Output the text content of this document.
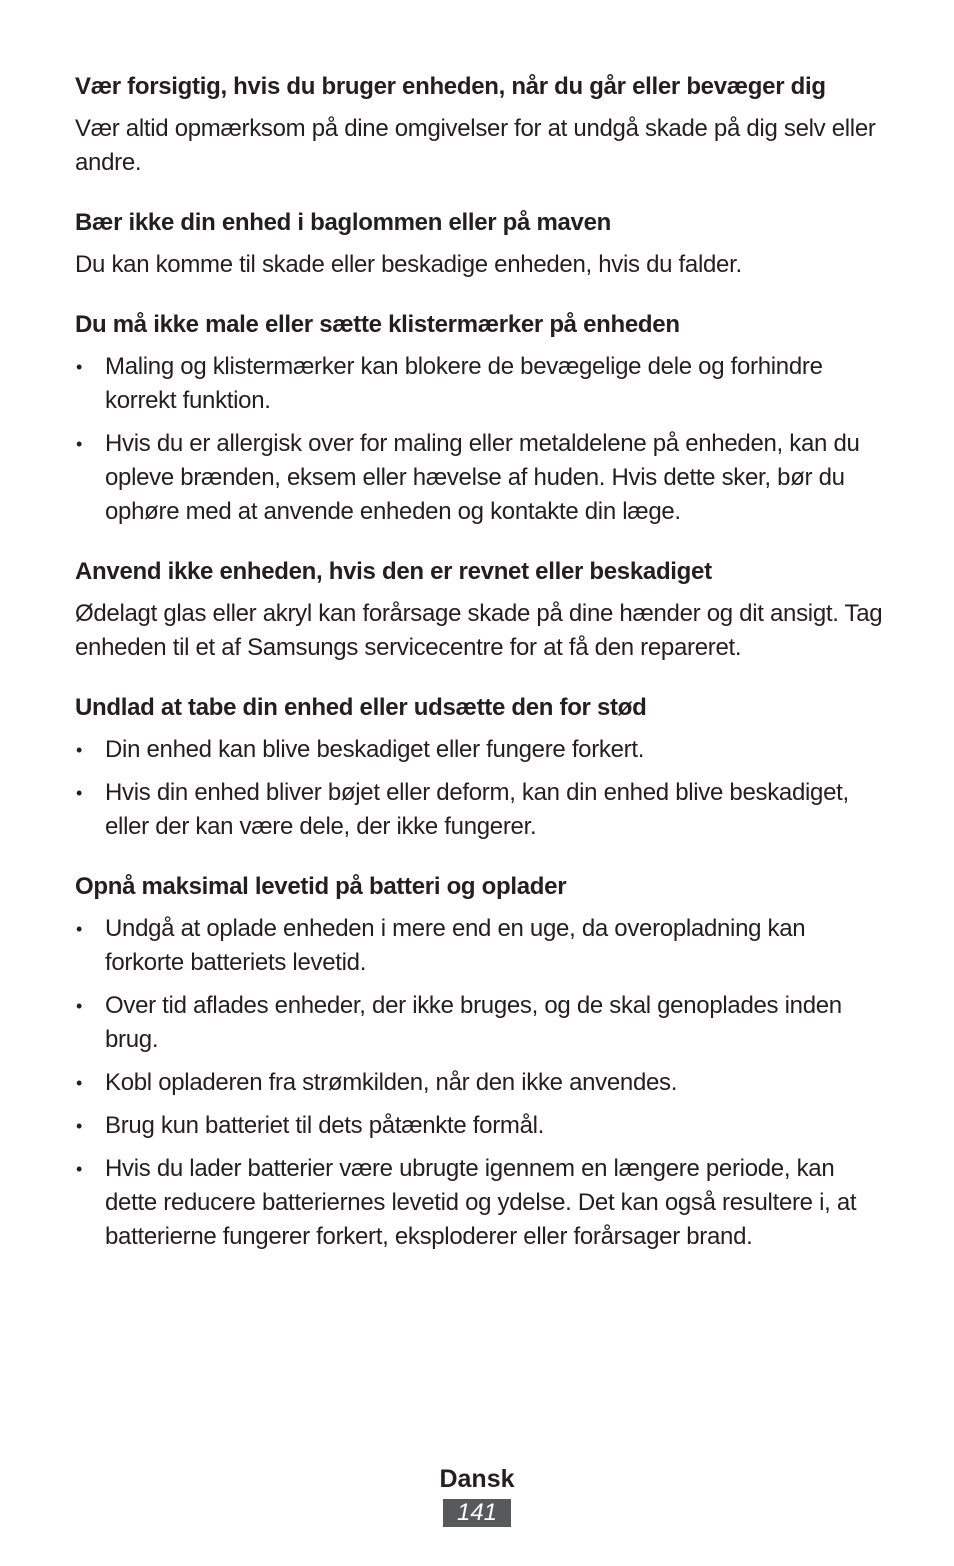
Vær forsigtig, hvis du bruger enheden, når du går eller bevæger dig

Vær altid opmærksom på dine omgivelser for at undgå skade på dig selv eller andre.

Bær ikke din enhed i baglommen eller på maven

Du kan komme til skade eller beskadige enheden, hvis du falder.

Du må ikke male eller sætte klistermærker på enheden

• Maling og klistermærker kan blokere de bevægelige dele og forhindre korrekt funktion.
• Hvis du er allergisk over for maling eller metaldelene på enheden, kan du opleve brænden, eksem eller hævelse af huden. Hvis dette sker, bør du ophøre med at anvende enheden og kontakte din læge.

Anvend ikke enheden, hvis den er revnet eller beskadiget

Ødelagt glas eller akryl kan forårsage skade på dine hænder og dit ansigt. Tag enheden til et af Samsungs servicecentre for at få den repareret.

Undlad at tabe din enhed eller udsætte den for stød

• Din enhed kan blive beskadiget eller fungere forkert.
• Hvis din enhed bliver bøjet eller deform, kan din enhed blive beskadiget, eller der kan være dele, der ikke fungerer.

Opnå maksimal levetid på batteri og oplader

• Undgå at oplade enheden i mere end en uge, da overopladning kan forkorte batteriets levetid.
• Over tid aflades enheder, der ikke bruges, og de skal genoplades inden brug.
• Kobl opladeren fra strømkilden, når den ikke anvendes.
• Brug kun batteriet til dets påtænkte formål.
• Hvis du lader batterier være ubrugte igennem en længere periode, kan dette reducere batteriernes levetid og ydelse. Det kan også resultere i, at batterierne fungerer forkert, eksploderer eller forårsager brand.
Dansk
141
